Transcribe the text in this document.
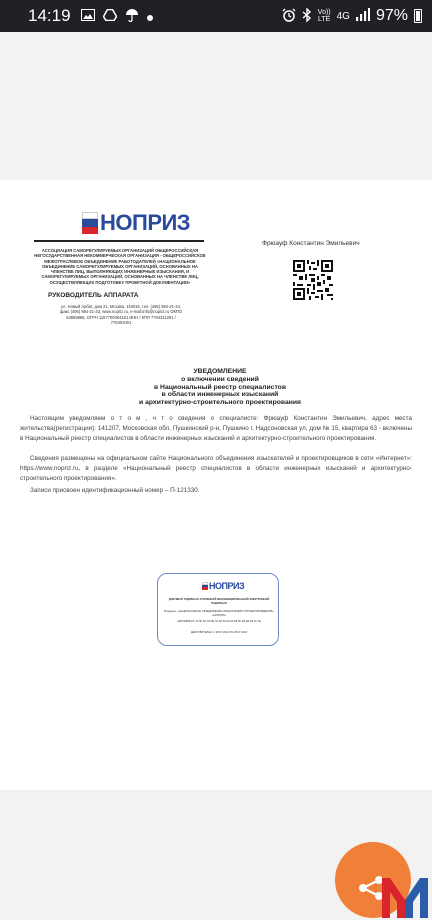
14:19	Vo))
LTE 4G 97%
НОПРИЗ
АССОЦИАЦИЯ САМОРЕГУЛИРУЕМЫХ ОРГАНИЗАЦИЙ ОБЩЕРОССИЙСКАЯ НЕГОСУДАРСТВЕННАЯ НЕКОММЕРЧЕСКАЯ ОРГАНИЗАЦИЯ - ОБЩЕРОССИЙСКОЕ МЕЖОТРАСЛЕВОЕ ОБЪЕДИНЕНИЕ РАБОТОДАТЕЛЕЙ «НАЦИОНАЛЬНОЕ ОБЪЕДИНЕНИЕ САМОРЕГУЛИРУЕМЫХ ОРГАНИЗАЦИЙ, ОСНОВАННЫХ НА ЧЛЕНСТВЕ ЛИЦ, ВЫПОЛНЯЮЩИХ ИНЖЕНЕРНЫЕ ИЗЫСКАНИЯ, И САМОРЕГУЛИРУЕМЫХ ОРГАНИЗАЦИЙ, ОСНОВАННЫХ НА ЧЛЕНСТВЕ ЛИЦ, ОСУЩЕСТВЛЯЮЩИХ ПОДГОТОВКУ ПРОЕКТНОЙ ДОКУМЕНТАЦИИ»
РУКОВОДИТЕЛЬ АППАРАТА
ул. Новый Арбат, дом 21, Москва, 119019, тел. (495) 984-21-34, факс (495) 984-21-33, www.nopriz.ru, e-mail:info@nopriz.ru ОКПО 63869866, ОГРН 1157700004161 ИНН / КПП 7704311281 / 770401001
Фрюауф Константин Эмильевич
УВЕДОМЛЕНИЕ
о включении сведений
в Национальный реестр специалистов
в области инженерных изысканий
и архитектурно-строительного проектирования
Настоящим уведомляем о т о м , ч т о сведения о специалисте: Фрюауф Константин Эмильевич, адрес места жительства(регистрации): 141207, Московская обл, Пушкинский р-н, Пушкино г, Надсоновская ул, дом № 15, квартира 63 - включены в Национальный реестр специалистов в области инженерных изысканий и архитектурно-строительного проектирования.
Сведения размещены на официальном сайте Национального объединения изыскателей и проектировщиков в сети «Интернет»: https://www.nopriz.ru, в разделе «Национальный реестр специалистов в области инженерных изысканий и архитектурно-строительного проектирования».
Записи присвоен идентификационный номер – П-121330.
НОПРИЗ
ДОКУМЕНТ ПОДПИСАН УСИЛЕННОЙ КВАЛИФИЦИРОВАННОЙ ЭЛЕКТРОННОЙ ПОДПИСЬЮ
Владелец: «НАЦИОНАЛЬНОЕ ОБЪЕДИНЕНИЕ ИЗЫСКАТЕЛЕЙ И ПРОЕКТИРОВЩИКОВ» «НОПРИЗ»
СЕРТИФИКАТ: 02 8F 6C D0 9E 7E AD 83 6A 9A 1B 8C 2B E8 D3 FF 2E
ДЕЙСТВИТЕЛЕН: С 28.07.2021 ПО 28.07.2022
